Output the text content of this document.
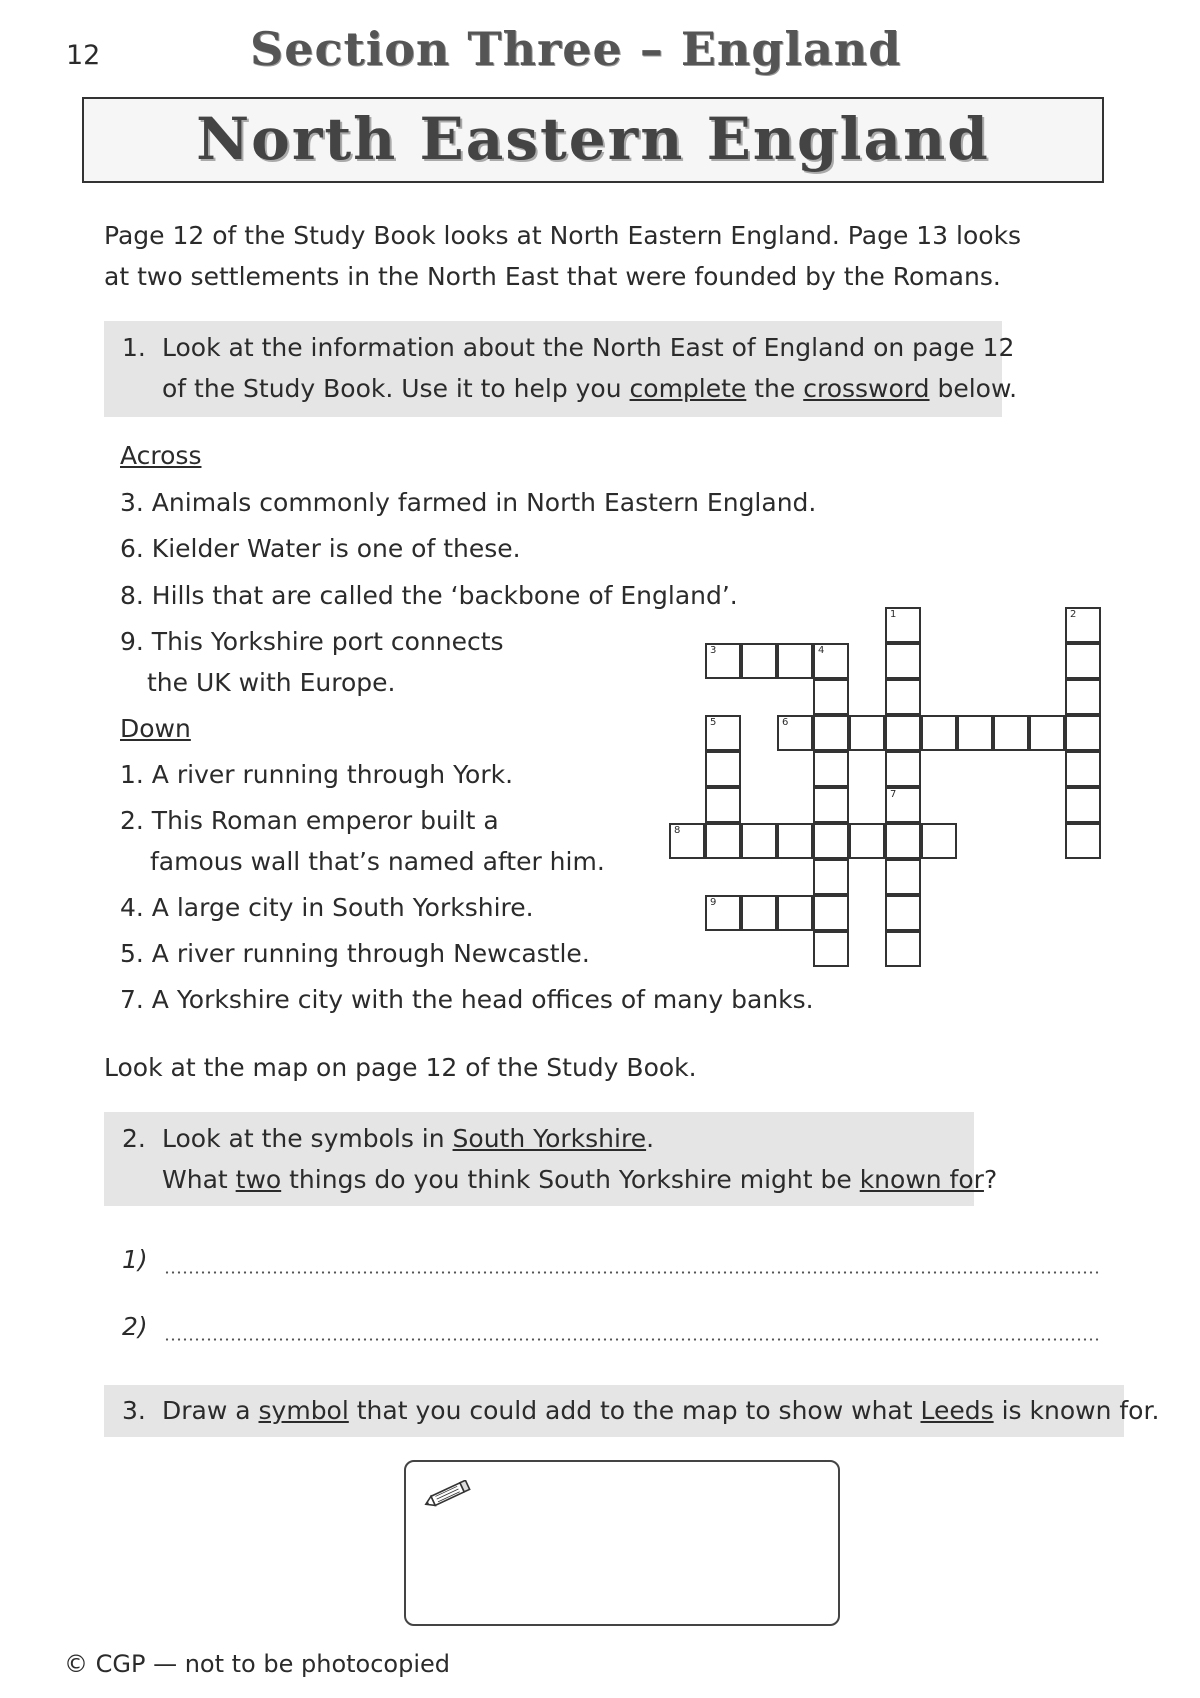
12	Section Three – England
North Eastern England
Page 12 of the Study Book looks at North Eastern England. Page 13 looks
at two settlements in the North East that were founded by the Romans.
1. Look at the information about the North East of England on page 12
of the Study Book. Use it to help you complete the crossword below.
Across
3. Animals commonly farmed in North Eastern England.
6. Kielder Water is one of these.
8. Hills that are called the ‘backbone of England’.
9. This Yorkshire port connects
the UK with Europe.
Down
1. A river running through York.
2. This Roman emperor built a
famous wall that’s named after him.
4. A large city in South Yorkshire.
5. A river running through Newcastle.
7. A Yorkshire city with the head offices of many banks.
3	4
6
8
9
1	2
5
7
Look at the map on page 12 of the Study Book.
2. Look at the symbols in South Yorkshire.
What two things do you think South Yorkshire might be known for?
1)
2)
3. Draw a symbol that you could add to the map to show what Leeds is known for.
© CGP — not to be photocopied
